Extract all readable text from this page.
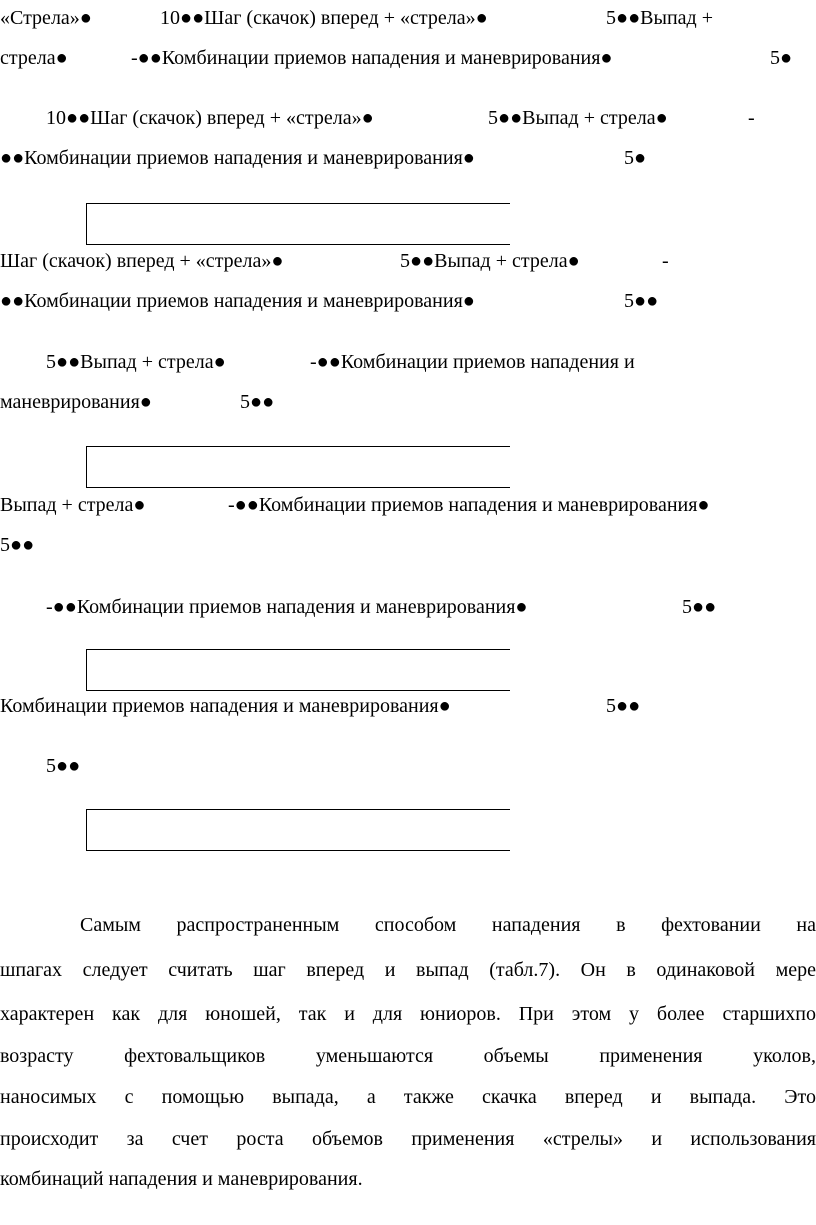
«Стрела»●	10●●Шаг (скачок) вперед + «стрела»●	5●●Выпад +
стрела●	-●●Комбинации приемов нападения и маневрирования●	5●
10●●Шаг (скачок) вперед + «стрела»●	5●●Выпад + стрела●	-
●●Комбинации приемов нападения и маневрирования●	5●
Шаг (скачок) вперед + «стрела»●	5●●Выпад + стрела●	-
●●Комбинации приемов нападения и маневрирования●	5●●
5●●Выпад + стрела●	-●●Комбинации приемов нападения и
маневрирования●	5●●
Выпад + стрела●	-●●Комбинации приемов нападения и маневрирования●
5●●
-●●Комбинации приемов нападения и маневрирования●	5●●
Комбинации приемов нападения и маневрирования●	5●●
5●●
Самым распространенным способом нападения в фехтовании на
шпагах следует считать шаг вперед и выпад (табл.7). Он в одинаковой мере
характерен как для юношей, так и для юниоров. При этом у более старшихпо
возрасту фехтовальщиков уменьшаются объемы применения уколов,
наносимых с помощью выпада, а также скачка вперед и выпада. Это
происходит за счет роста объемов применения «стрелы» и использования
комбинаций нападения и маневрирования.
